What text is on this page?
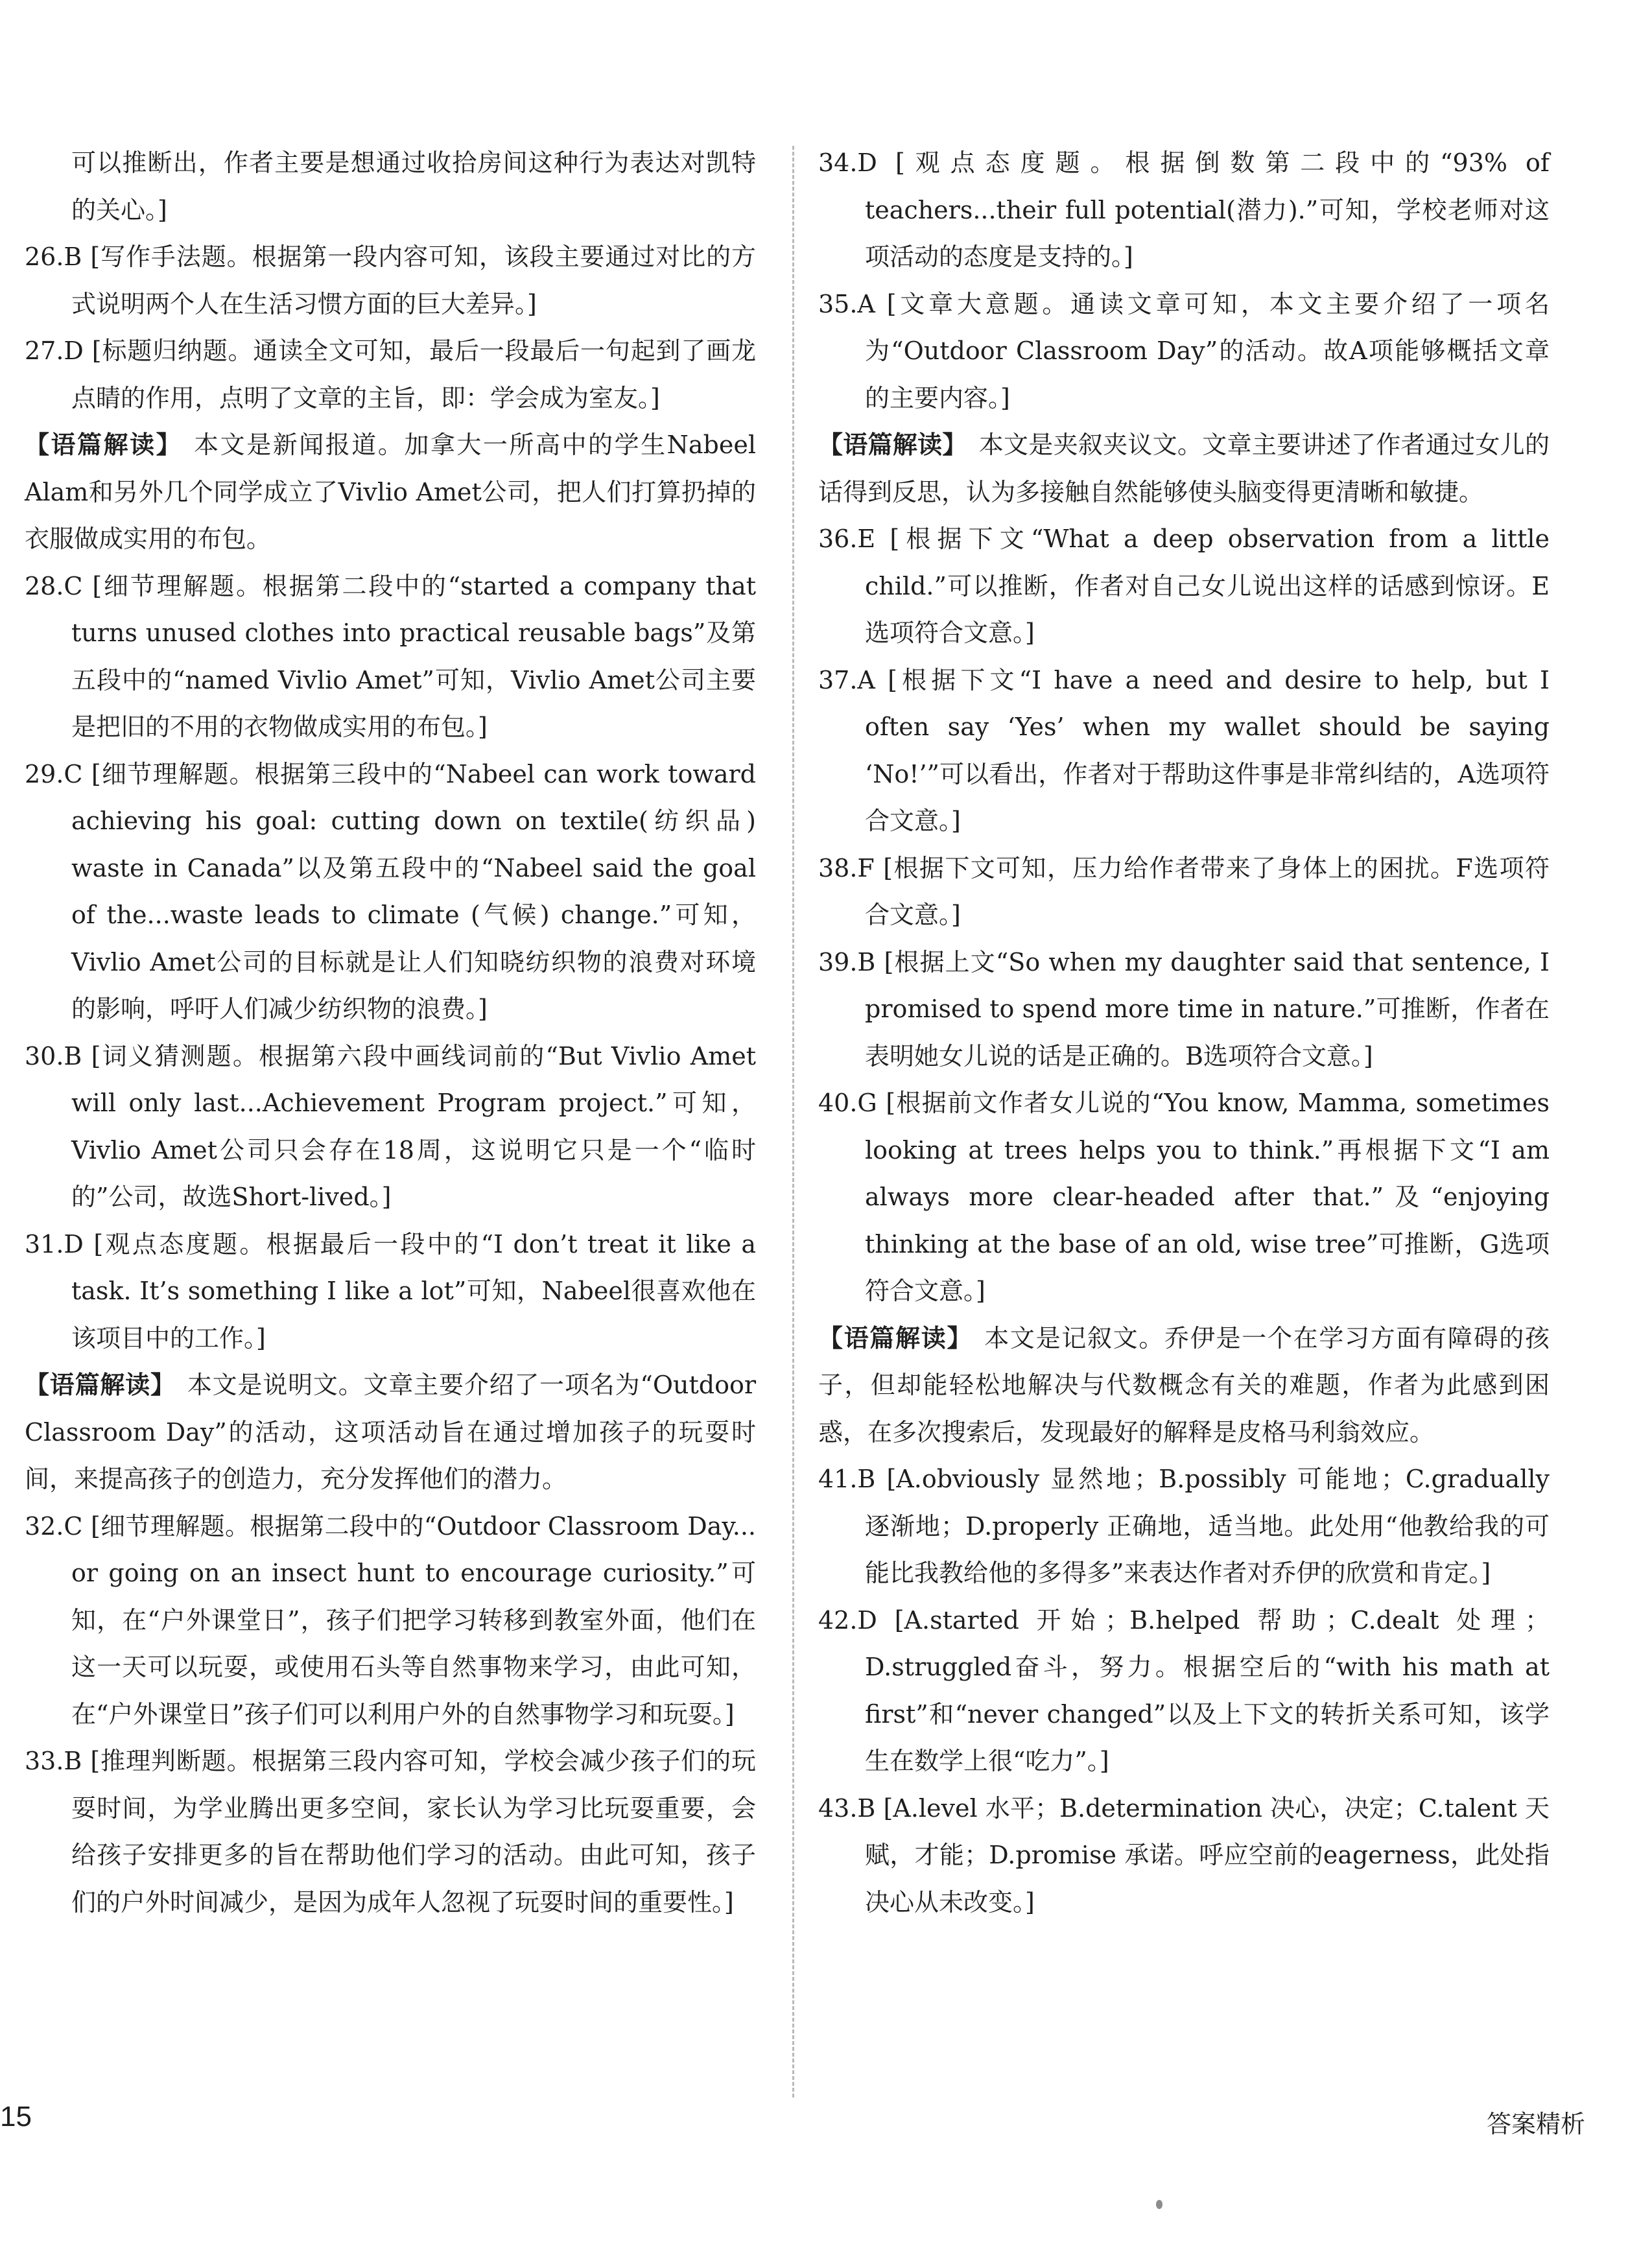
可以推断出，作者主要是想通过收拾房间这种行为表达对凯特的关心。]
26.B [写作手法题。根据第一段内容可知，该段主要通过对比的方式说明两个人在生活习惯方面的巨大差异。]
27.D [标题归纳题。通读全文可知，最后一段最后一句起到了画龙点睛的作用，点明了文章的主旨，即：学会成为室友。]
【语篇解读】 本文是新闻报道。加拿大一所高中的学生Nabeel Alam和另外几个同学成立了Vivlio Amet公司，把人们打算扔掉的衣服做成实用的布包。
28.C [细节理解题。根据第二段中的“started a company that turns unused clothes into practical reusable bags”及第五段中的“named Vivlio Amet”可知，Vivlio Amet公司主要是把旧的不用的衣物做成实用的布包。]
29.C [细节理解题。根据第三段中的“Nabeel can work toward achieving his goal: cutting down on textile(纺织品) waste in Canada”以及第五段中的“Nabeel said the goal of the...waste leads to climate (气候) change.”可知，Vivlio Amet公司的目标就是让人们知晓纺织物的浪费对环境的影响，呼吁人们减少纺织物的浪费。]
30.B [词义猜测题。根据第六段中画线词前的“But Vivlio Amet will only last...Achievement Program project.”可知，Vivlio Amet公司只会存在18周，这说明它只是一个“临时的”公司，故选Short-lived。]
31.D [观点态度题。根据最后一段中的“I don’t treat it like a task. It’s something I like a lot”可知，Nabeel很喜欢他在该项目中的工作。]
【语篇解读】 本文是说明文。文章主要介绍了一项名为“Outdoor Classroom Day”的活动，这项活动旨在通过增加孩子的玩耍时间，来提高孩子的创造力，充分发挥他们的潜力。
32.C [细节理解题。根据第二段中的“Outdoor Classroom Day... or going on an insect hunt to encourage curiosity.”可知，在“户外课堂日”，孩子们把学习转移到教室外面，他们在这一天可以玩耍，或使用石头等自然事物来学习，由此可知，在“户外课堂日”孩子们可以利用户外的自然事物学习和玩耍。]
33.B [推理判断题。根据第三段内容可知，学校会减少孩子们的玩耍时间，为学业腾出更多空间，家长认为学习比玩耍重要，会给孩子安排更多的旨在帮助他们学习的活动。由此可知，孩子们的户外时间减少，是因为成年人忽视了玩耍时间的重要性。]
34.D [观点态度题。根据倒数第二段中的“93% of teachers...their full potential(潜力).”可知，学校老师对这项活动的态度是支持的。]
35.A [文章大意题。通读文章可知，本文主要介绍了一项名为“Outdoor Classroom Day”的活动。故A项能够概括文章的主要内容。]
【语篇解读】 本文是夹叙夹议文。文章主要讲述了作者通过女儿的话得到反思，认为多接触自然能够使头脑变得更清晰和敏捷。
36.E [根据下文“What a deep observation from a little child.”可以推断，作者对自己女儿说出这样的话感到惊讶。E选项符合文意。]
37.A [根据下文“I have a need and desire to help, but I often say ‘Yes’ when my wallet should be saying ‘No!’”可以看出，作者对于帮助这件事是非常纠结的，A选项符合文意。]
38.F [根据下文可知，压力给作者带来了身体上的困扰。F选项符合文意。]
39.B [根据上文“So when my daughter said that sentence, I promised to spend more time in nature.”可推断，作者在表明她女儿说的话是正确的。B选项符合文意。]
40.G [根据前文作者女儿说的“You know, Mamma, sometimes looking at trees helps you to think.”再根据下文“I am always more clear-headed after that.”及“enjoying thinking at the base of an old, wise tree”可推断，G选项符合文意。]
【语篇解读】 本文是记叙文。乔伊是一个在学习方面有障碍的孩子，但却能轻松地解决与代数概念有关的难题，作者为此感到困惑，在多次搜索后，发现最好的解释是皮格马利翁效应。
41.B [A.obviously 显然地；B.possibly 可能地；C.gradually 逐渐地；D.properly 正确地，适当地。此处用“他教给我的可能比我教给他的多得多”来表达作者对乔伊的欣赏和肯定。]
42.D [A.started 开始；B.helped 帮助；C.dealt 处理；D.struggled奋斗，努力。根据空后的“with his math at first”和“never changed”以及上下文的转折关系可知，该学生在数学上很“吃力”。]
43.B [A.level 水平；B.determination 决心，决定；C.talent 天赋，才能；D.promise 承诺。呼应空前的eagerness，此处指决心从未改变。]
15	答案精析
